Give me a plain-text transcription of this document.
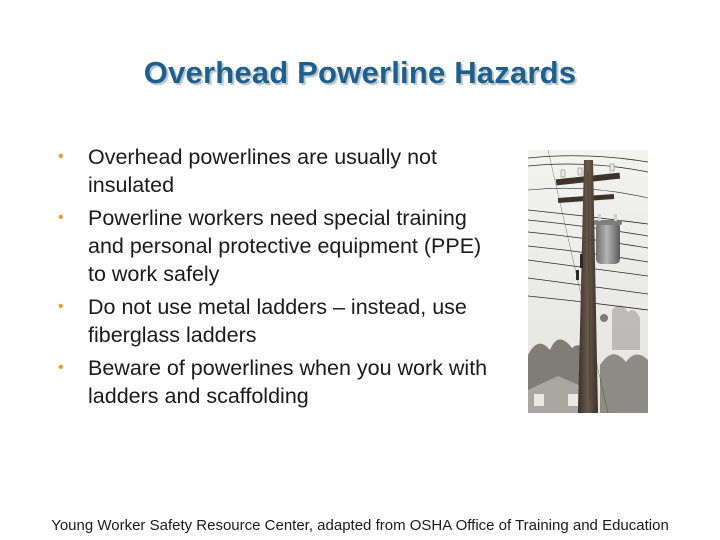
Overhead Powerline Hazards
• Overhead powerlines are usually not insulated
• Powerline workers need special training and personal protective equipment (PPE) to work safely
• Do not use metal ladders – instead, use fiberglass ladders
• Beware of powerlines when you work with ladders and scaffolding
Young Worker Safety Resource Center, adapted from OSHA Office of Training and Education
